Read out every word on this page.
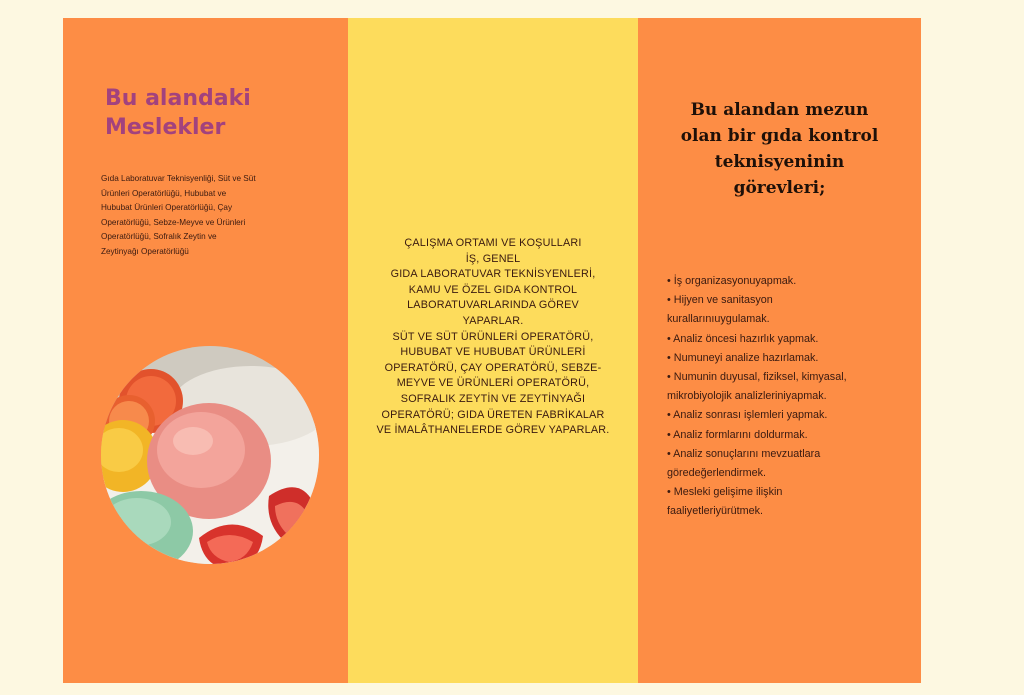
Bu alandaki
Meslekler
Gıda Laboratuvar Teknisyenliği, Süt ve Süt
Ürünleri Operatörlüğü, Hububat ve
Hububat Ürünleri Operatörlüğü, Çay
Operatörlüğü, Sebze-Meyve ve Ürünleri
Operatörlüğü, Sofralık Zeytin ve
Zeytinyağı Operatörlüğü
ÇALIŞMA ORTAMI VE KOŞULLARI
İŞ, GENEL
GIDA LABORATUVAR TEKNİSYENLERİ,
KAMU VE ÖZEL GIDA KONTROL
LABORATUVARLARINDA GÖREV
YAPARLAR.
SÜT VE SÜT ÜRÜNLERİ OPERATÖRÜ,
HUBUBAT VE HUBUBAT ÜRÜNLERİ
OPERATÖRÜ, ÇAY OPERATÖRÜ, SEBZE-
MEYVE VE ÜRÜNLERİ OPERATÖRÜ,
SOFRALIK ZEYTİN VE ZEYTİNYAĞI
OPERATÖRÜ; GIDA ÜRETEN FABRİKALAR
VE İMALÂTHANELERDE GÖREV YAPARLAR.
Bu alandan mezun
olan bir gıda kontrol
teknisyeninin
görevleri;
• İş organizasyonuyapmak.
• Hijyen ve sanitasyon
kurallarınıuygulamak.
• Analiz öncesi hazırlık yapmak.
• Numuneyi analize hazırlamak.
• Numunin duyusal, fiziksel, kimyasal,
mikrobiyolojik analizleriniyapmak.
• Analiz sonrası işlemleri yapmak.
• Analiz formlarını doldurmak.
• Analiz sonuçlarını mevzuatlara
göredeğerlendirmek.
• Mesleki gelişime ilişkin
faaliyetleriyürütmek.
